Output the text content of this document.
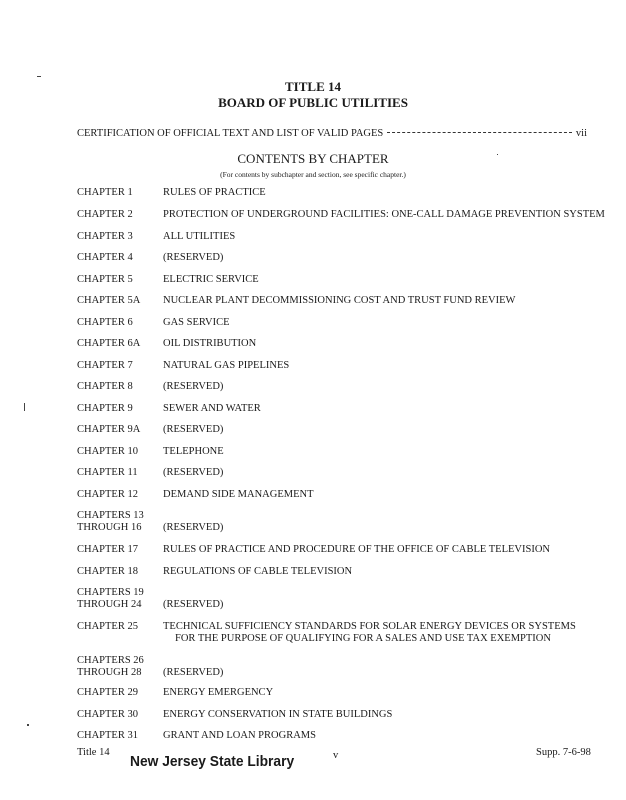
TITLE 14
BOARD OF PUBLIC UTILITIES
CERTIFICATION OF OFFICIAL TEXT AND LIST OF VALID PAGES	vii
CONTENTS BY CHAPTER
(For contents by subchapter and section, see specific chapter.)
CHAPTER 1	RULES OF PRACTICE
CHAPTER 2	PROTECTION OF UNDERGROUND FACILITIES: ONE-CALL DAMAGE PREVENTION SYSTEM
CHAPTER 3	ALL UTILITIES
CHAPTER 4	(RESERVED)
CHAPTER 5	ELECTRIC SERVICE
CHAPTER 5A	NUCLEAR PLANT DECOMMISSIONING COST AND TRUST FUND REVIEW
CHAPTER 6	GAS SERVICE
CHAPTER 6A	OIL DISTRIBUTION
CHAPTER 7	NATURAL GAS PIPELINES
CHAPTER 8	(RESERVED)
CHAPTER 9	SEWER AND WATER
CHAPTER 9A	(RESERVED)
CHAPTER 10	TELEPHONE
CHAPTER 11	(RESERVED)
CHAPTER 12	DEMAND SIDE MANAGEMENT
CHAPTERS 13
THROUGH 16	(RESERVED)
CHAPTER 17	RULES OF PRACTICE AND PROCEDURE OF THE OFFICE OF CABLE TELEVISION
CHAPTER 18	REGULATIONS OF CABLE TELEVISION
CHAPTERS 19
THROUGH 24	(RESERVED)
CHAPTER 25	TECHNICAL SUFFICIENCY STANDARDS FOR SOLAR ENERGY DEVICES OR SYSTEMS
FOR THE PURPOSE OF QUALIFYING FOR A SALES AND USE TAX EXEMPTION
CHAPTERS 26
THROUGH 28	(RESERVED)
CHAPTER 29	ENERGY EMERGENCY
CHAPTER 30	ENERGY CONSERVATION IN STATE BUILDINGS
CHAPTER 31	GRANT AND LOAN PROGRAMS
Title 14	v	Supp. 7-6-98
New Jersey State Library
